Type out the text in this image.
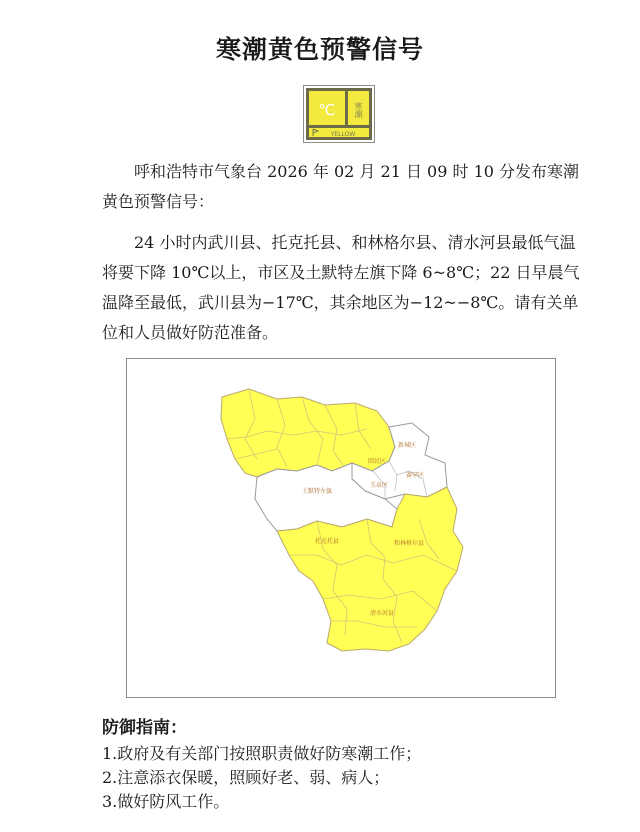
寒潮黄色预警信号
℃ 寒潮
YELLOW

呼和浩特市气象台 2026 年 02 月 21 日 09 时 10 分发布寒潮黄色预警信号：

24 小时内武川县、托克托县、和林格尔县、清水河县最低气温将要下降 10℃以上，市区及土默特左旗下降 6~8℃；22 日早晨气温降至最低，武川县为−17℃，其余地区为−12~−8℃。请有关单位和人员做好防范准备。

新城区
回民区
玉泉区
赛罕区
土默特左旗
和林格尔县
清水河县
托克托县
防御指南：
1.政府及有关部门按照职责做好防寒潮工作；
2.注意添衣保暖，照顾好老、弱、病人；
3.做好防风工作。
